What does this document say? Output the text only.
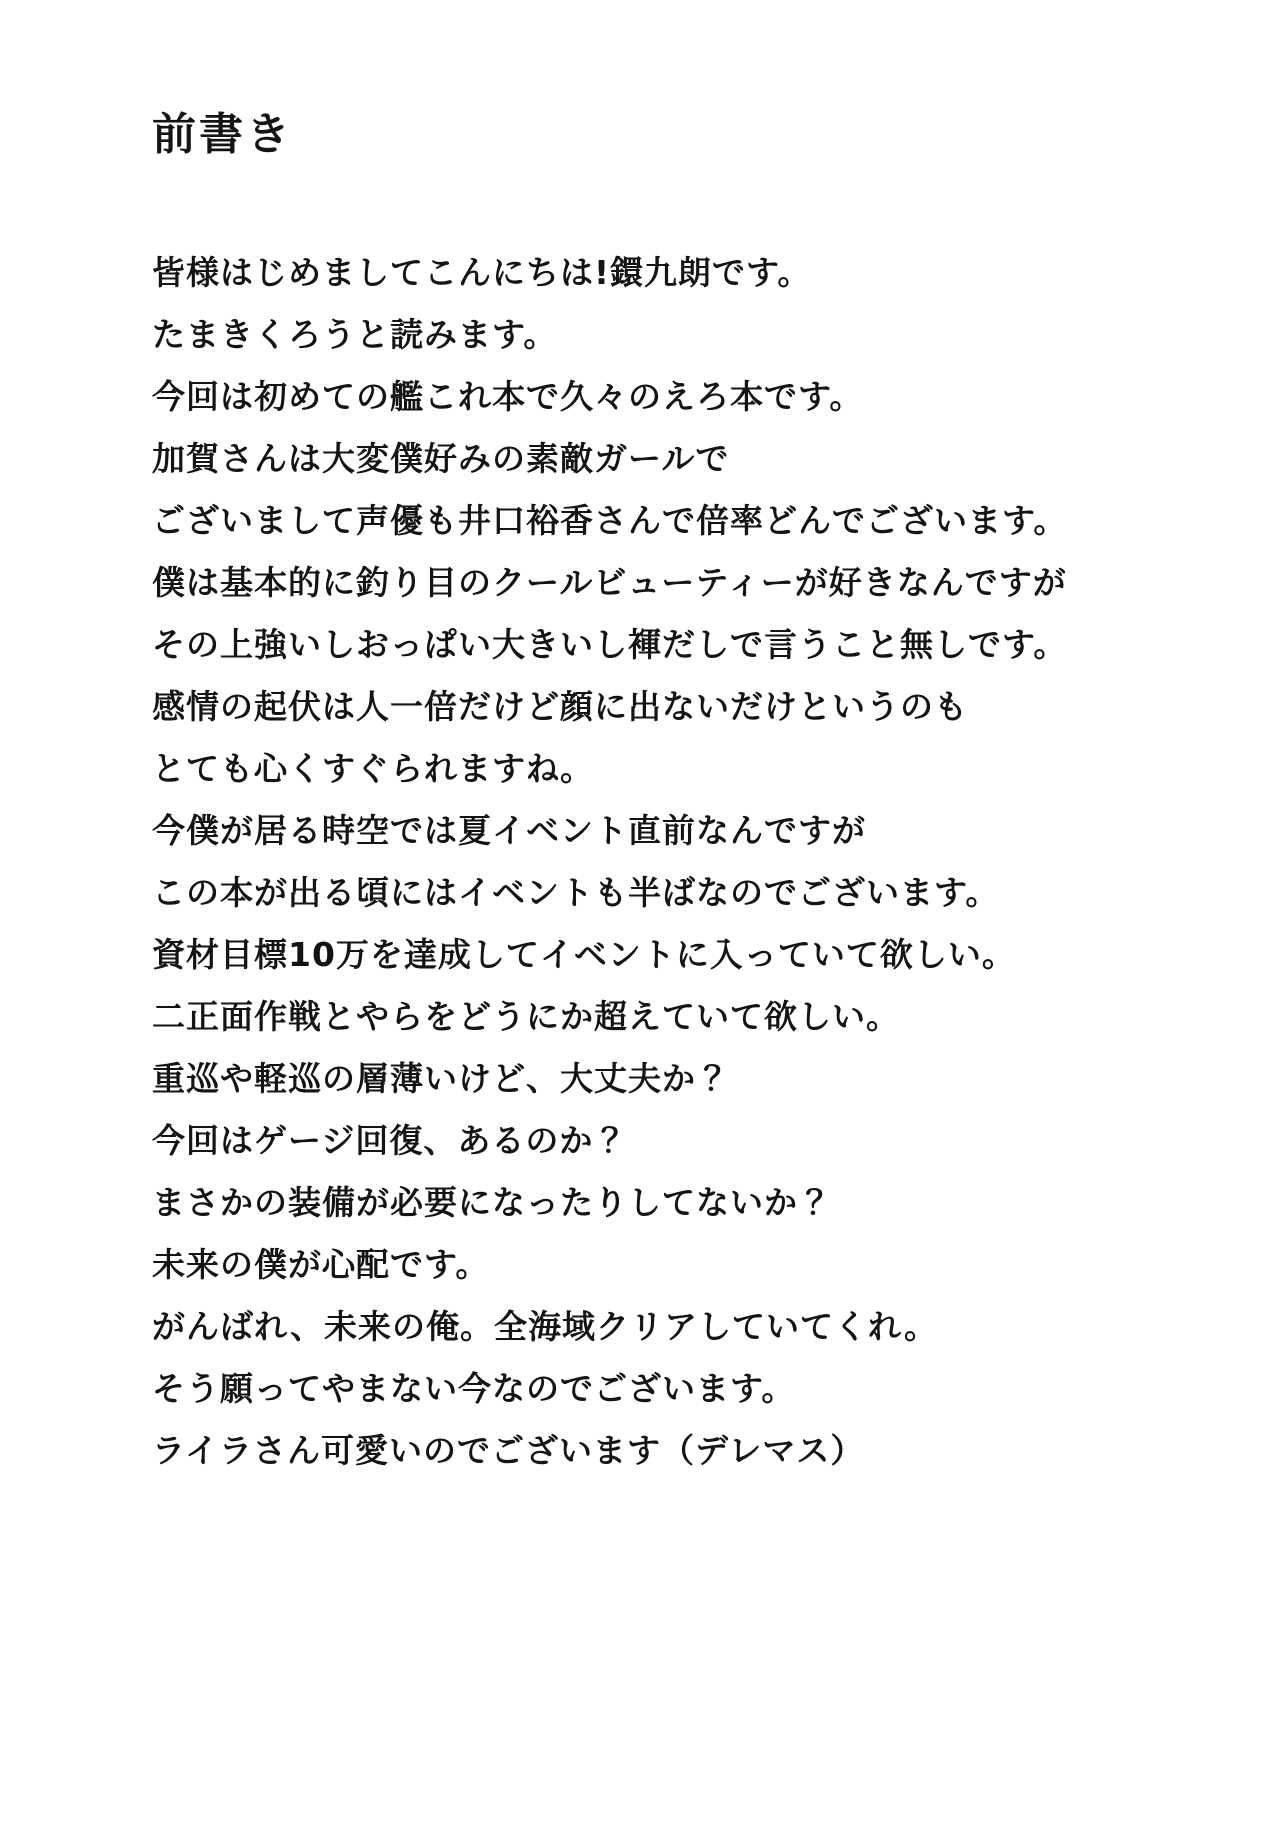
前書き
皆様はじめましてこんにちは!鐶九朗です。
たまきくろうと読みます。
今回は初めての艦これ本で久々のえろ本です。
加賀さんは大変僕好みの素敵ガールで
ございまして声優も井口裕香さんで倍率どんでございます。
僕は基本的に釣り目のクールビューティーが好きなんですが
その上強いしおっぱい大きいし褌だしで言うこと無しです。
感情の起伏は人一倍だけど顔に出ないだけというのも
とても心くすぐられますね。
今僕が居る時空では夏イベント直前なんですが
この本が出る頃にはイベントも半ばなのでございます。
資材目標10万を達成してイベントに入っていて欲しい。
二正面作戦とやらをどうにか超えていて欲しい。
重巡や軽巡の層薄いけど、大丈夫か？
今回はゲージ回復、あるのか？
まさかの装備が必要になったりしてないか？
未来の僕が心配です。
がんばれ、未来の俺。全海域クリアしていてくれ。
そう願ってやまない今なのでございます。
ライラさん可愛いのでございます（デレマス）
